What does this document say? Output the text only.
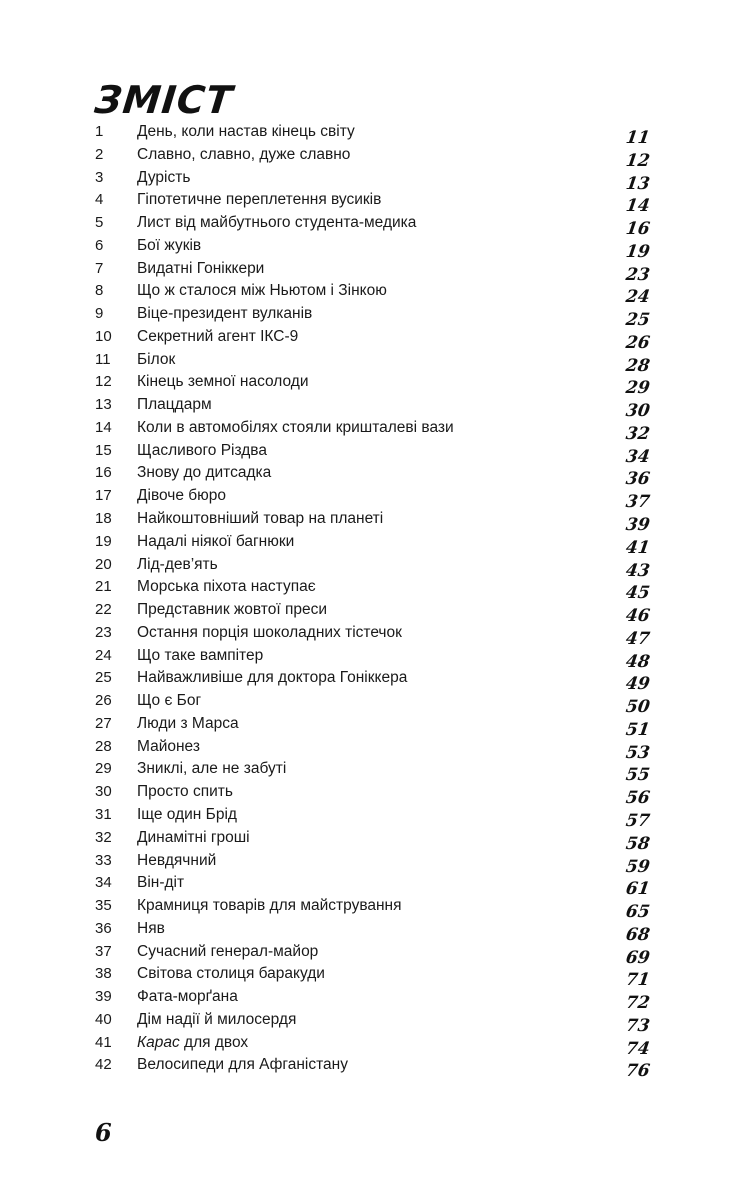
ЗМІСТ
1 День, коли настав кінець світу	11
2 Славно, славно, дуже славно	12
3 Дурість	13
4 Гіпотетичне переплетення вусиків	14
5 Лист від майбутнього студента-медика	16
6 Бої жуків	19
7 Видатні Гоніккери	23
8 Що ж сталося між Ньютом і Зінкою	24
9 Віце-президент вулканів	25
10 Секретний агент ІКС-9	26
11 Білок	28
12 Кінець земної насолоди	29
13 Плацдарм	30
14 Коли в автомобілях стояли кришталеві вази	32
15 Щасливого Різдва	34
16 Знову до дитсадка	36
17 Дівоче бюро	37
18 Найкоштовніший товар на планеті	39
19 Надалі ніякої багнюки	41
20 Лід-дев’ять	43
21 Морська піхота наступає	45
22 Представник жовтої преси	46
23 Остання порція шоколадних тістечок	47
24 Що таке вампітер	48
25 Найважливіше для доктора Гоніккера	49
26 Що є Бог	50
27 Люди з Марса	51
28 Майонез	53
29 Зниклі, але не забуті	55
30 Просто спить	56
31 Іще один Брід	57
32 Динамітні гроші	58
33 Невдячний	59
34 Він-діт	61
35 Крамниця товарів для майстрування	65
36 Няв	68
37 Сучасний генерал-майор	69
38 Світова столиця баракуди	71
39 Фата-морґана	72
40 Дім надії й милосердя	73
41 Карас для двох	74
42 Велосипеди для Афганістану	76
6
